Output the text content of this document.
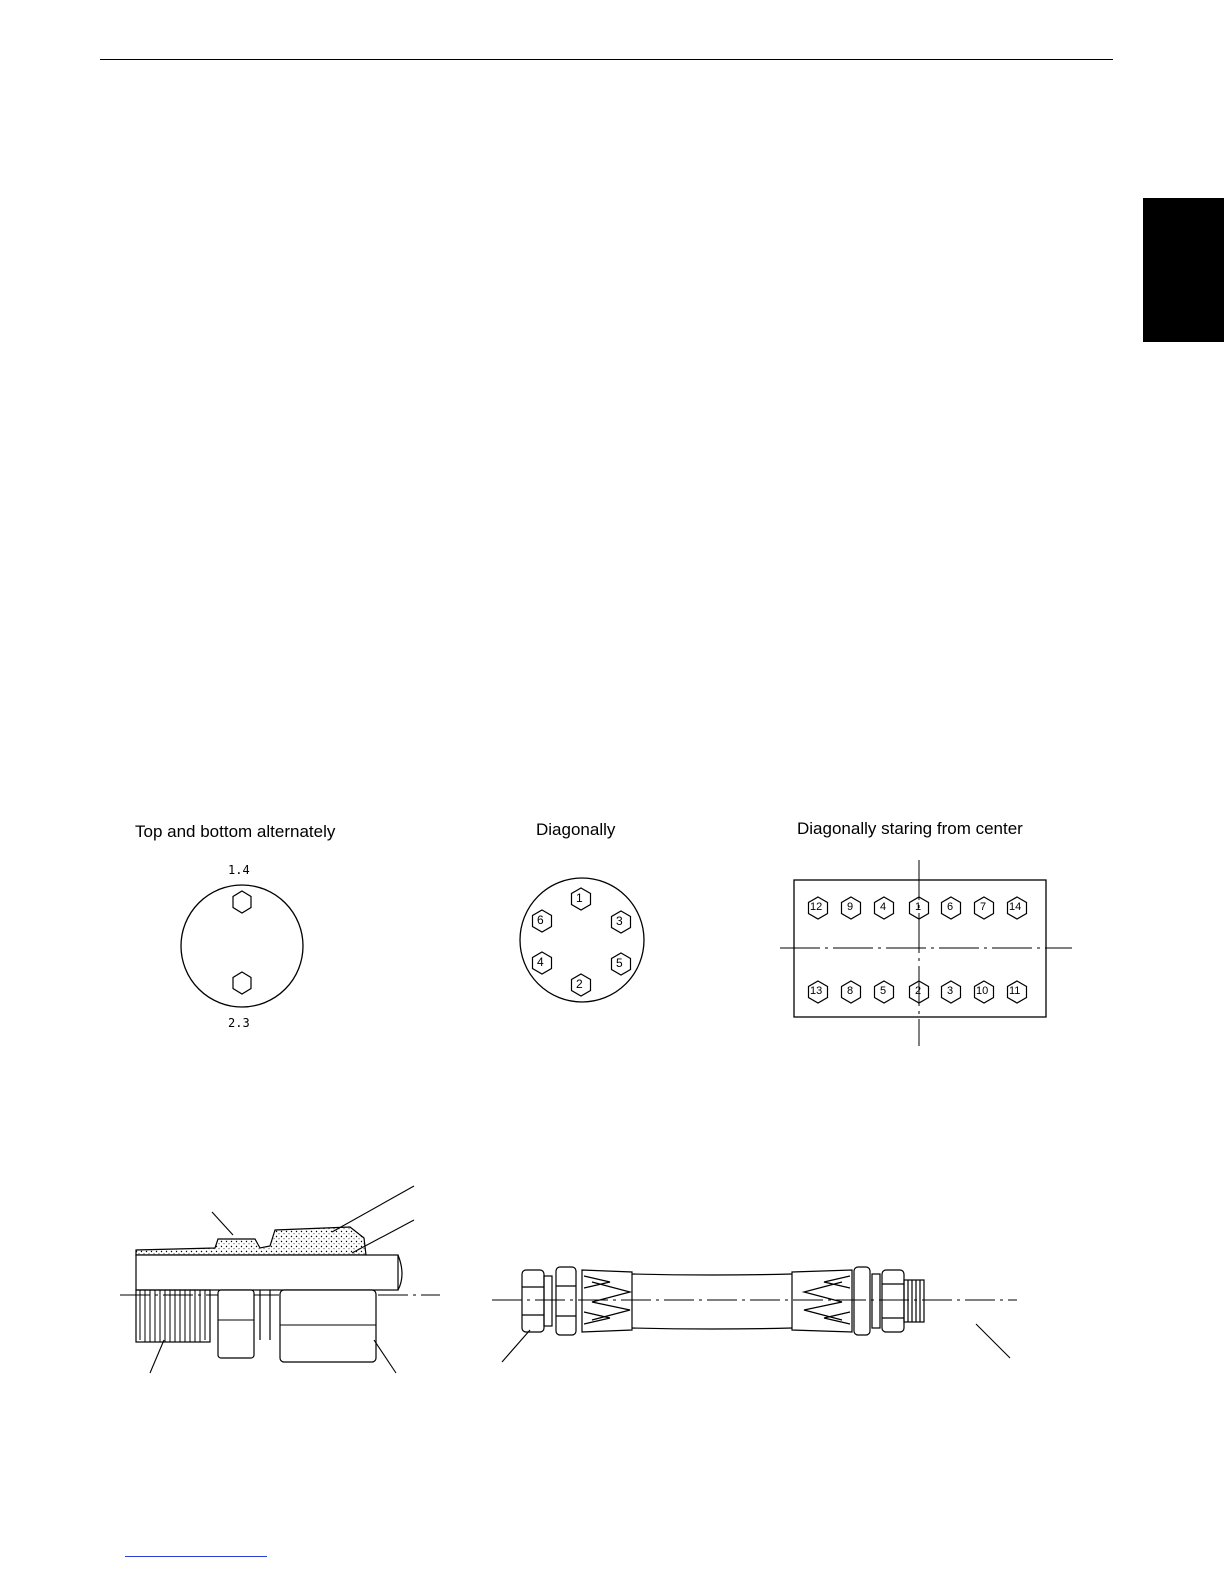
Top and bottom alternately	Diagonally	Diagonally staring from center
1.4
2.3
1
3
5
2
4
6
12 9 4	1 6 7 14
13 8 5	2 3 10 11
